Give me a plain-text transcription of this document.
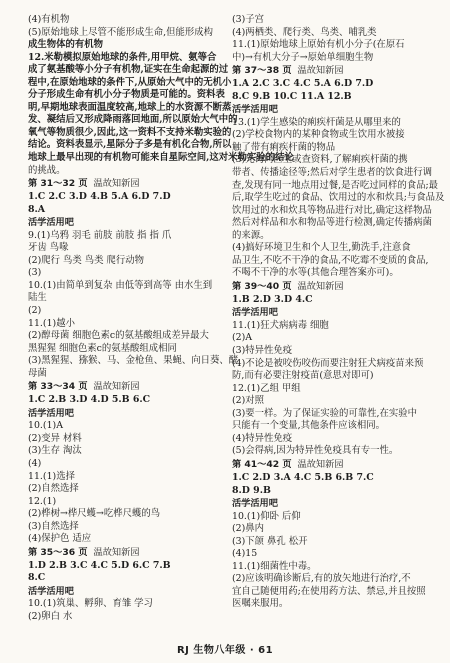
(4)有机物
(5)原始地球上尽管不能形成生命,但能形成构
成生物体的有机物
12.米勒模拟原始地球的条件,用甲烷、氨等合
成了氨基酸等小分子有机物,证实在生命起源的过
程中,在原始地球的条件下,从原始大气中的无机小
分子形成生命有机小分子物质是可能的。资料表
明,早期地球表面温度较高,地球上的水资源不断蒸
发、凝结后又形成降雨落回地面,所以原始大气中的
氧气等物质很少,因此,这一资料不支持米勒实验的
结论。资料表显示,星际分子多是有机化合物,所以
地球上最早出现的有机物可能来自星际空间,这对米勒实验的结论
的挑战。
第 31～32 页 温故知新园
1.C 2.C 3.D 4.B 5.A 6.D 7.D
8.A
活学活用吧
9.(1)乌鸦 羽毛 前肢 前肢 指 指 爪
牙齿 鸟喙
(2)爬行 鸟类 鸟类 爬行动物
(3)
10.(1)由简单到复杂 由低等到高等 由水生到
陆生
(2)
11.(1)越小
(2)醇母菌 细胞色素c的氨基酸组成差异最大
黑猩猩 细胞色素c的氨基酸组成相同
(3)黑猩猩、猕猴、马、金枪鱼、果蝇、向日葵、酵
母菌
第 33～34 页 温故知新园
1.C 2.B 3.D 4.D 5.B 6.C
活学活用吧
10.(1)A
(2)变异 材料
(3)生存 淘汰
(4)
11.(1)选择
(2)自然选择
12.(1)
(2)桦树→桦尺蠖→吃桦尺蠖的鸟
(3)自然选择
(4)保护色 适应
第 35～36 页 温故知新园
1.D 2.B 3.C 4.C 5.D 6.C 7.B
8.C
活学活用吧
10.(1)筑巢、孵卵、育雏 学习
(2)卵白 水
(3)子宫
(4)两栖类、爬行类、鸟类、哺乳类
11.(1)原始地球上原始有机小分子(在原石
中)→有机大分子→原始单细胞生物
第 37～38 页 温故知新园
1.A 2.C 3.C 4.C 5.A 6.D 7.D
8.C 9.B 10.C 11.A 12.B
活学活用吧
13.(1)学生感染的痢疾杆菌是从哪里来的
(2)学校食物内的某种食物或生饮用水被接
触了带有痢疾杆菌的物品
(3)先询问医生或查资料,了解痢疾杆菌的携
带者、传播途径等;然后对学生患者的饮食进行调
查,发现有同一地点用过餐,是否吃过同样的食品;最
后,取学生吃过的食品、饮用过的水和炊具;与食品及
饮用过的水和炊具等物品进行对比,确定这样物品
然后对样品和水和物品等进行检测,确定传播病菌
的来源。
(4)搞好环境卫生和个人卫生,勤洗手,注意食
品卫生,不吃不干净的食品,不吃霉不变质的食品,
不喝不干净的水等(其他合理答案亦可)。
第 39～40 页 温故知新园
1.B 2.D 3.D 4.C
活学活用吧
11.(1)狂犬病病毒 细胞
(2)A
(3)特异性免疫
(4)不论是被咬伤咬伤而要注射狂犬病疫苗来预
防,而有必要注射疫苗(意思对即可)
12.(1)乙组 甲组
(2)对照
(3)要一样。为了保证实验的可靠性,在实验中
只能有一个变量,其他条件应该相同。
(4)特异性免疫
(5)会得病,因为特异性免疫具有专一性。
第 41～42 页 温故知新园
1.C 2.D 3.A 4.C 5.B 6.B 7.C
8.D 9.B
活学活用吧
10.(1)仰卧 后仰
(2)鼻内
(3)下颌 鼻孔 松开
(4)15
11.(1)细菌性中毒。
(2)应该明确诊断后,有的放矢地进行治疗,不
宜自己随便用药;在使用药方法、禁忌,并且按照
医嘱来服用。
RJ 生物八年级 · 61
